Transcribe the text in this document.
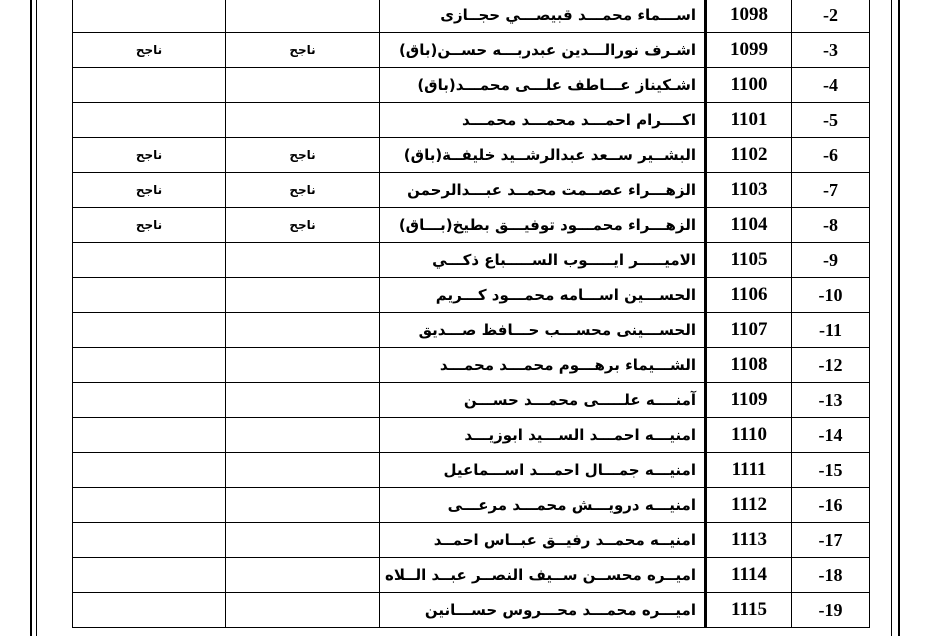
		اســـماء محمـــد قبيصـــي حجــازى	1098	-2
ناجح	ناجح	اشـرف نورالـــدين عبدربـــه حســن(باق)	1099	-3
		اشـكيناز عـــاطف علـــى محمـــد(باق)	1100	-4
		اكــــرام احمـــد محمـــد محمـــد	1101	-5
ناجح	ناجح	البشــير ســعد عبدالرشــيد خليفــة(باق)	1102	-6
ناجح	ناجح	الزهـــراء عصــمت محمــد عبـــدالرحمن	1103	-7
ناجح	ناجح	الزهـــراء محمـــود توفيـــق بطيخ(بـــاق)	1104	-8
		الاميـــــر ايـــــوب الســـــباع ذكـــي	1105	-9
		الحســـين اســـامه محمـــود كـــريم	1106	-10
		الحســـينى محســـب حـــافظ صـــديق	1107	-11
		الشـــيماء برهـــوم محمـــد محمـــد	1108	-12
		آمنــــه علـــــى محمـــد حســـن	1109	-13
		امنيـــه احمـــد الســـيد ابوزيـــد	1110	-14
		امنيـــه جمـــال احمـــد اســـماعيل	1111	-15
		امنيـــه درويـــش محمـــد مرعـــى	1112	-16
		امنيــه محمــد رفيــق عبــاس احمــد	1113	-17
		اميــره محســن ســيف النصــر عبــد الــلاه	1114	-18
		اميـــره محمـــد محـــروس حســـانين	1115	-19
